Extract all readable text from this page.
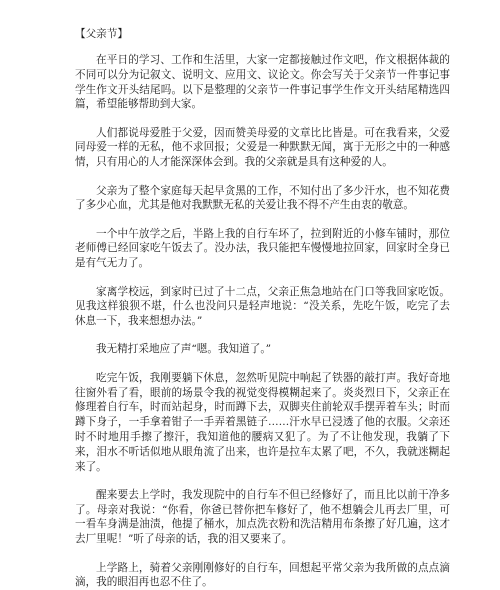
【父亲节】

在平日的学习、工作和生活里，大家一定都接触过作文吧，作文根据体裁的不同可以分为记叙文、说明文、应用文、议论文。你会写关于父亲节一件事记事学生作文开头结尾吗。以下是整理的父亲节一件事记事学生作文开头结尾精选四篇，希望能够帮助到大家。

人们都说母爱胜于父爱，因而赞美母爱的文章比比皆是。可在我看来，父爱同母爱一样的无私，他不求回报；父爱是一种默默无闻，寓于无形之中的一种感情，只有用心的人才能深深体会到。我的父亲就是具有这种爱的人。

父亲为了整个家庭每天起早贪黑的工作，不知付出了多少汗水，也不知花费了多少心血，尤其是他对我默默无私的关爱让我不得不产生由衷的敬意。

一个中午放学之后，半路上我的自行车坏了，拉到附近的小修车铺时，那位老师傅已经回家吃午饭去了。没办法，我只能把车慢慢地拉回家，回家时全身已是有气无力了。

家离学校远，到家时已过了十二点，父亲正焦急地站在门口等我回家吃饭。见我这样狼狈不堪，什么也没问只是轻声地说：“没关系，先吃午饭，吃完了去休息一下，我来想想办法。”

我无精打采地应了声“嗯。我知道了。”

吃完午饭，我刚要躺下休息，忽然听见院中响起了铁器的敲打声。我好奇地往窗外看了看，眼前的场景令我的视觉变得模糊起来了。炎炎烈日下，父亲正在修理着自行车，时而站起身，时而蹲下去，双脚夹住前轮双手摆弄着车头；时而蹲下身子，一手拿着钳子一手弄着黑链子……汗水早已浸透了他的衣服。父亲还时不时地用手擦了擦汗，我知道他的腰病又犯了。为了不让他发现，我躺了下来，泪水不听话似地从眼角流了出来，也许是拉车太累了吧，不久，我就迷糊起来了。

醒来要去上学时，我发现院中的自行车不但已经修好了，而且比以前干净多了。母亲对我说：“你看，你爸已替你把车修好了，他不想躺会儿再去厂里，可一看车身满是油渍，他提了桶水，加点洗衣粉和洗洁精用布条擦了好几遍，这才去厂里呢！”听了母亲的话，我的泪又要来了。

上学路上，骑着父亲刚刚修好的自行车，回想起平常父亲为我所做的点点滴滴，我的眼泪再也忍不住了。
